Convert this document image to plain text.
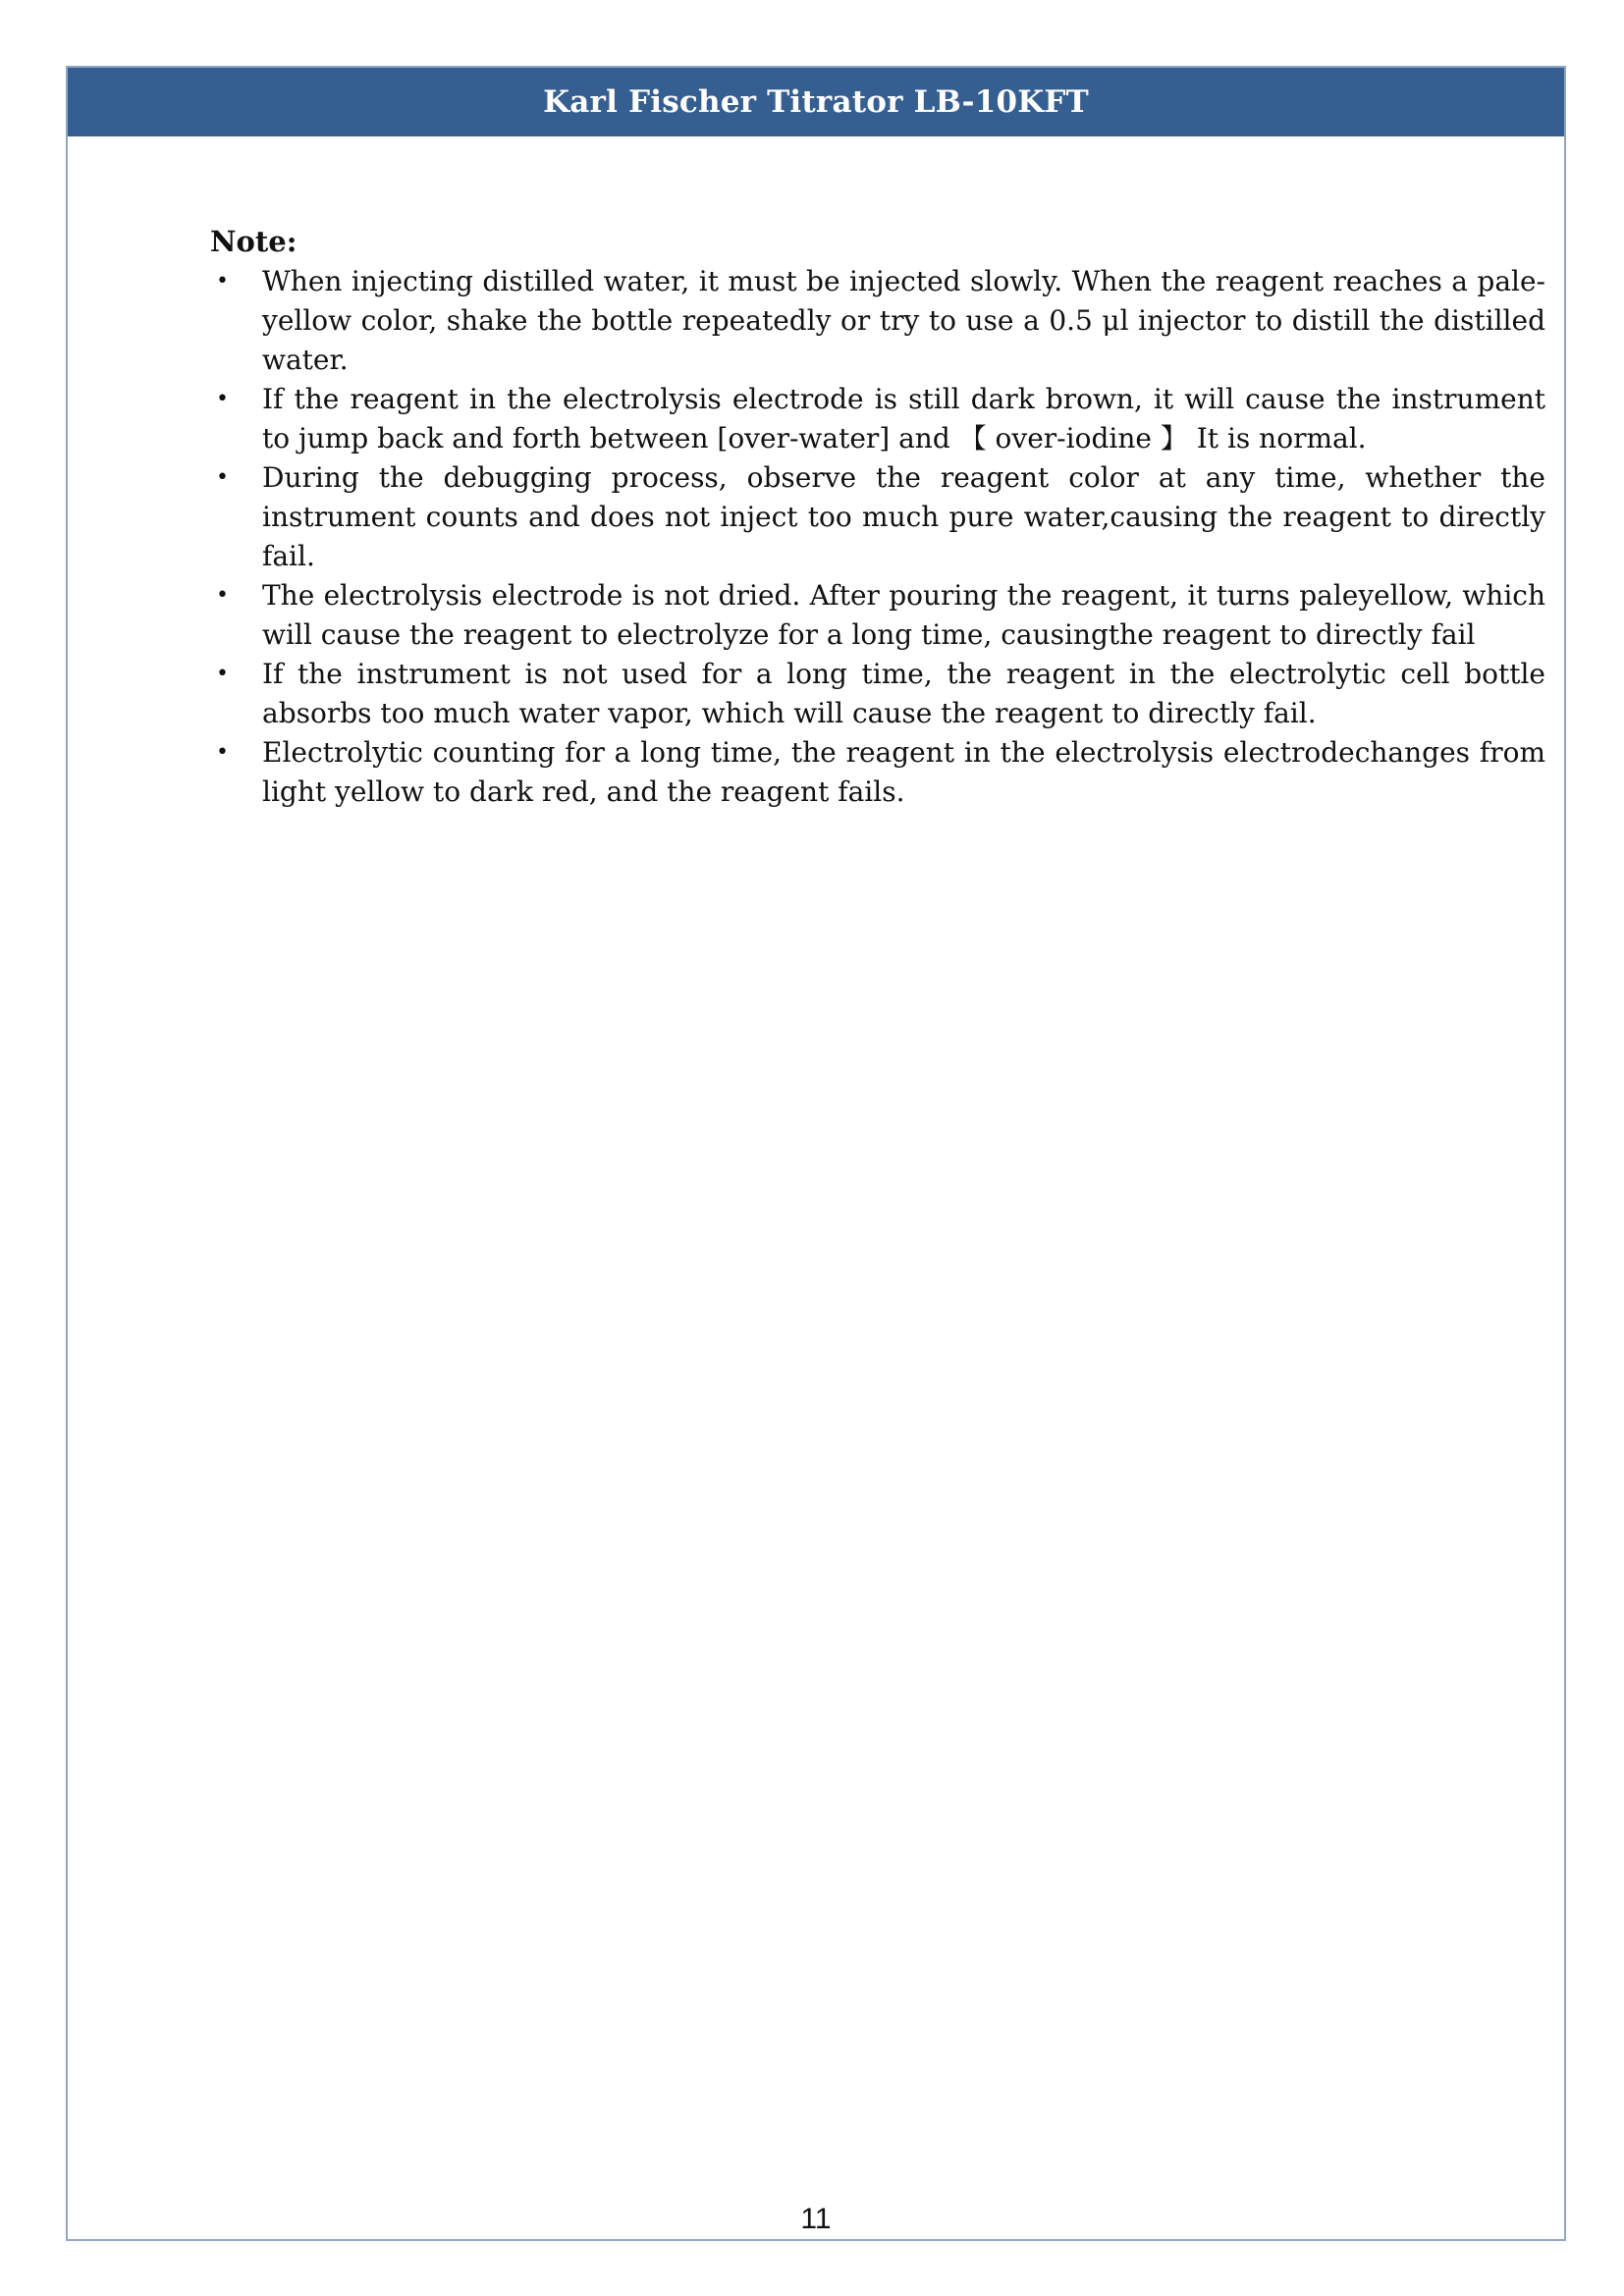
Karl Fischer Titrator LB-10KFT
Note:
• When injecting distilled water, it must be injected slowly. When the reagent reaches a pale-yellow color, shake the bottle repeatedly or try to use a 0.5 μl injector to distill the distilled water.
• If the reagent in the electrolysis electrode is still dark brown, it will cause the instrument to jump back and forth between [over-water] and 【 over-iodine 】 It is normal.
• During the debugging process, observe the reagent color at any time, whether the instrument counts and does not inject too much pure water,causing the reagent to directly fail.
• The electrolysis electrode is not dried. After pouring the reagent, it turns paleyellow, which will cause the reagent to electrolyze for a long time, causingthe reagent to directly fail
• If the instrument is not used for a long time, the reagent in the electrolytic cell bottle absorbs too much water vapor, which will cause the reagent to directly fail.
• Electrolytic counting for a long time, the reagent in the electrolysis electrodechanges from light yellow to dark red, and the reagent fails.
11
